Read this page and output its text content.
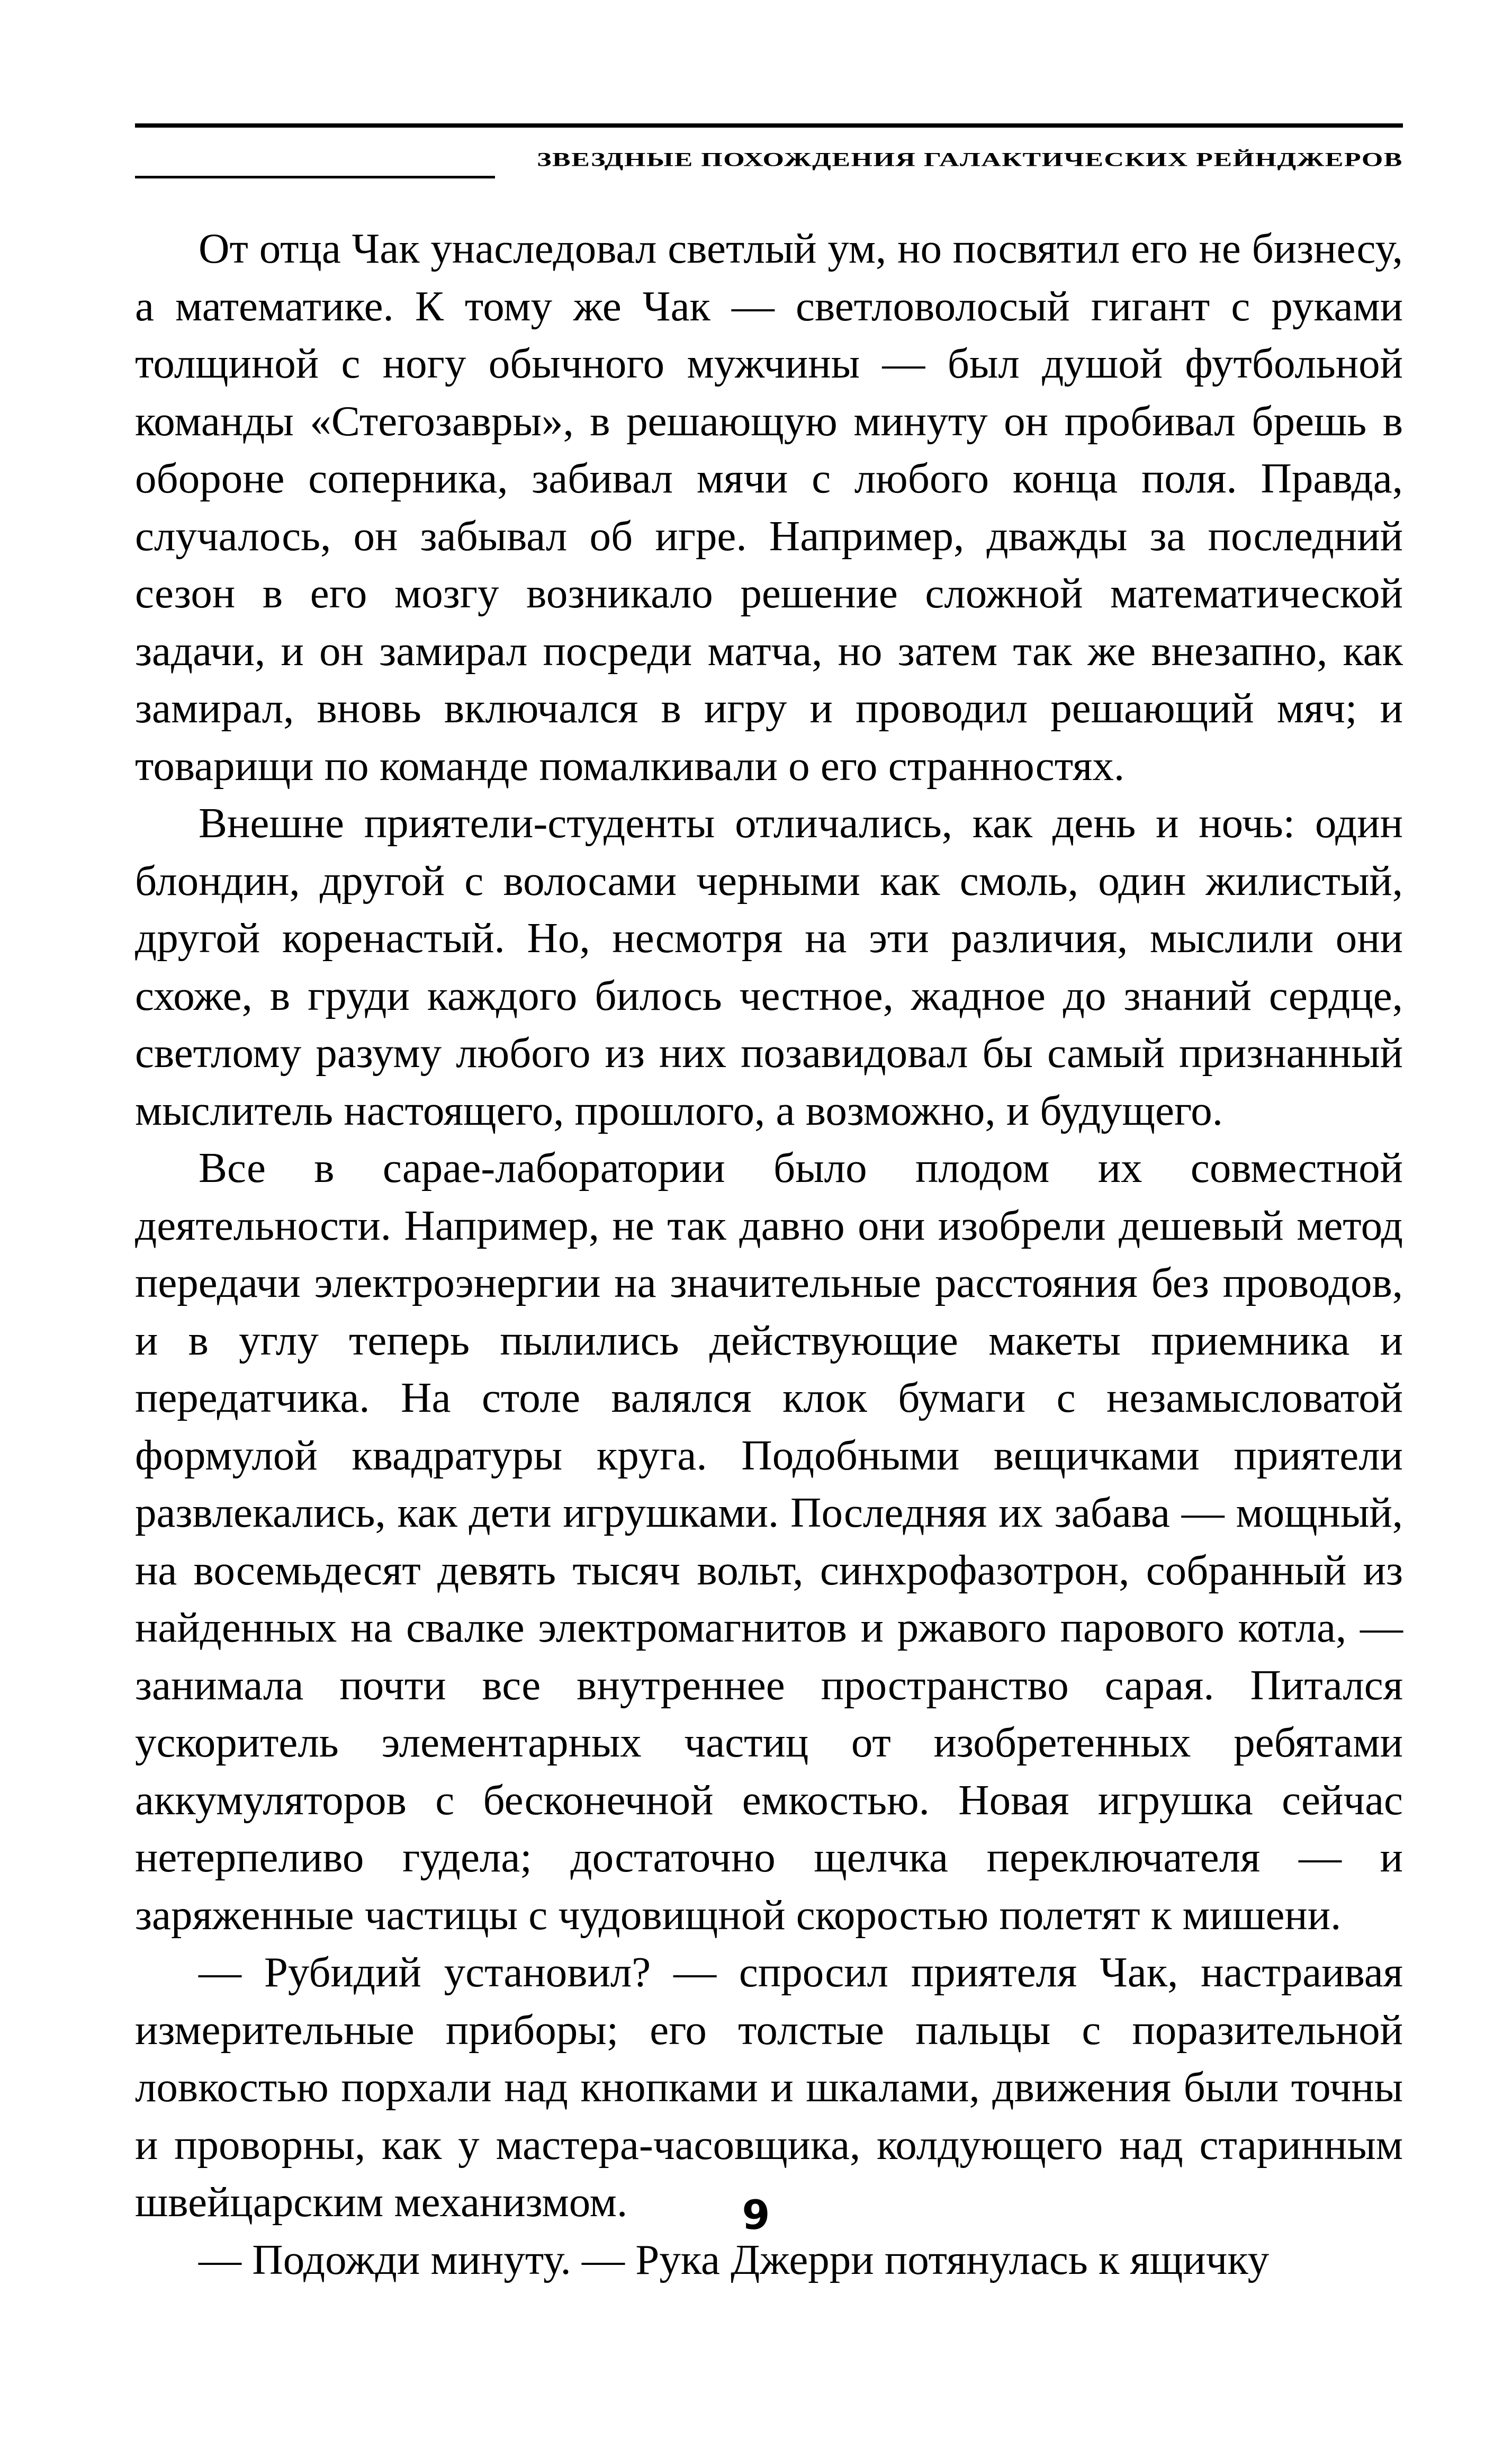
ЗВЕЗДНЫЕ ПОХОЖДЕНИЯ ГАЛАКТИЧЕСКИХ РЕЙНДЖЕРОВ

От отца Чак унаследовал светлый ум, но посвятил его не бизнесу, а математике. К тому же Чак — светловолосый гигант с руками толщиной с ногу обычного мужчины — был душой футбольной команды «Стегозавры», в решающую минуту он пробивал брешь в обороне соперника, забивал мячи с любого конца поля. Правда, случалось, он забывал об игре. Например, дважды за последний сезон в его мозгу возникало решение сложной математической задачи, и он замирал посреди матча, но затем так же внезапно, как замирал, вновь включался в игру и проводил решающий мяч; и товарищи по команде помалкивали о его странностях.

Внешне приятели-студенты отличались, как день и ночь: один блондин, другой с волосами черными как смоль, один жилистый, другой коренастый. Но, несмотря на эти различия, мыслили они схоже, в груди каждого билось честное, жадное до знаний сердце, светлому разуму любого из них позавидовал бы самый признанный мыслитель настоящего, прошлого, а возможно, и будущего.

Все в сарае-лаборатории было плодом их совместной деятельности. Например, не так давно они изобрели дешевый метод передачи электроэнергии на значительные расстояния без проводов, и в углу теперь пылились действующие макеты приемника и передатчика. На столе валялся клок бумаги с незамысловатой формулой квадратуры круга. Подобными вещичками приятели развлекались, как дети игрушками. Последняя их забава — мощный, на восемьдесят девять тысяч вольт, синхрофазотрон, собранный из найденных на свалке электромагнитов и ржавого парового котла, — занимала почти все внутреннее пространство сарая. Питался ускоритель элементарных частиц от изобретенных ребятами аккумуляторов с бесконечной емкостью. Новая игрушка сейчас нетерпеливо гудела; достаточно щелчка переключателя — и заряженные частицы с чудовищной скоростью полетят к мишени.

— Рубидий установил? — спросил приятеля Чак, настраивая измерительные приборы; его толстые пальцы с поразительной ловкостью порхали над кнопками и шкалами, движения были точны и проворны, как у мастера-часовщика, колдующего над старинным швейцарским механизмом.

— Подожди минуту. — Рука Джерри потянулась к ящичку

9
